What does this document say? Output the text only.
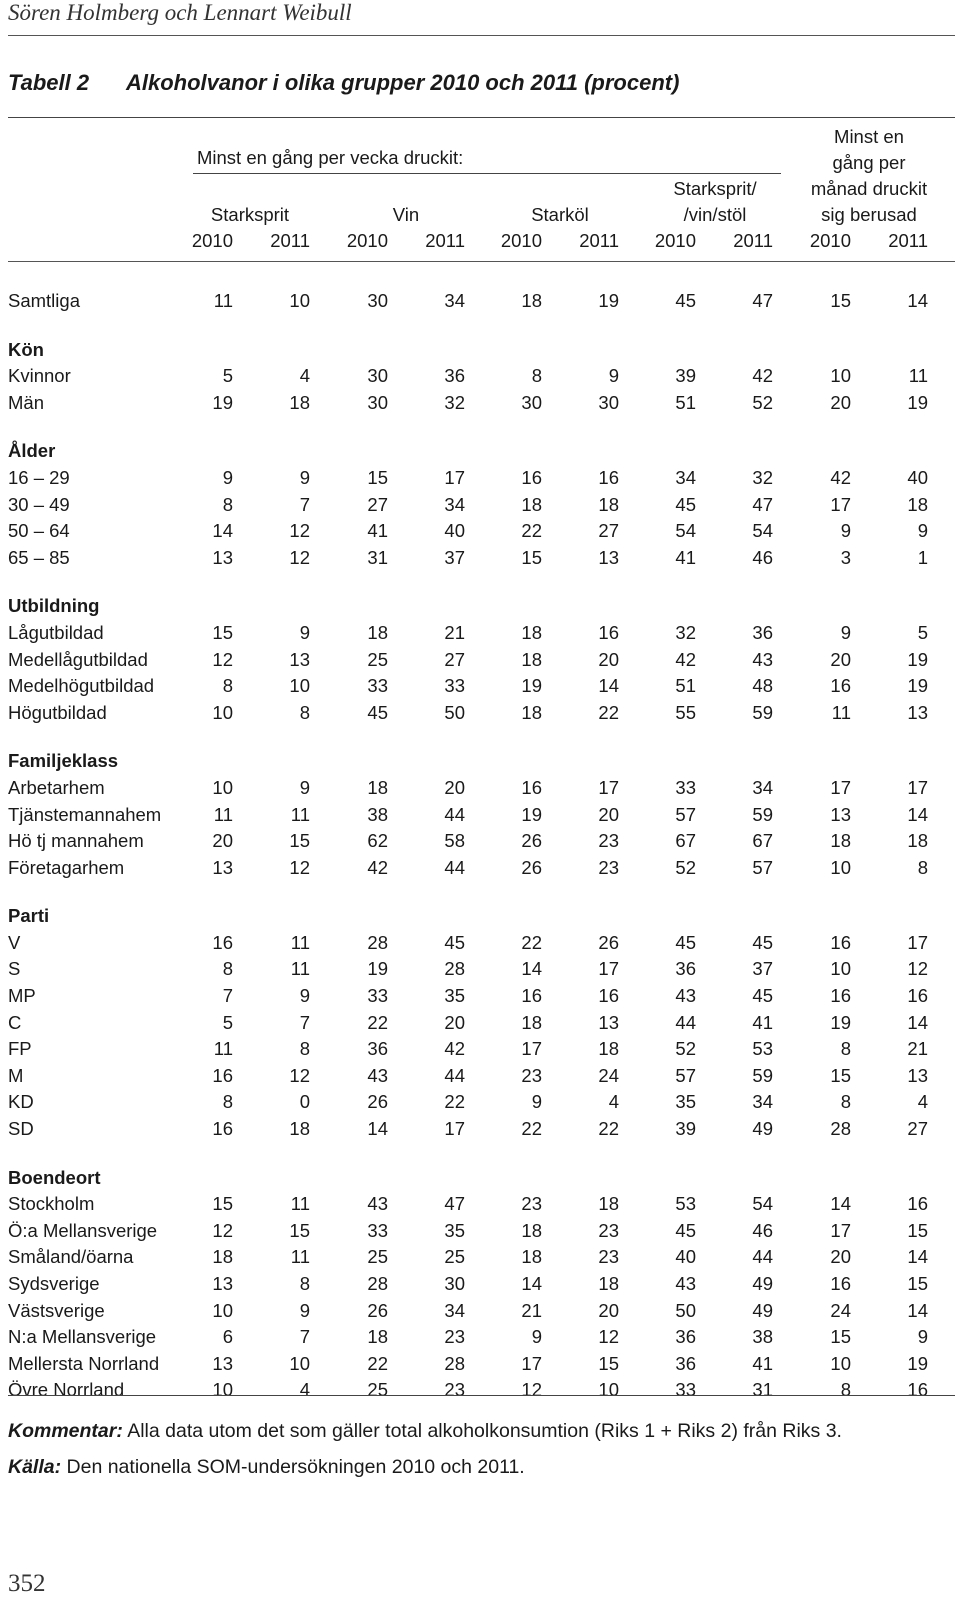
Sören Holmberg och Lennart Weibull
Tabell 2 Alkoholvanor i olika grupper 2010 och 2011 (procent)
Minst en gång per vecka druckit:
Minst en
gång per
månad druckit
sig berusad
Starksprit/
/vin/stöl
Starksprit	Vin	Starköl
2010	2011	2010	2011	2010	2011	2010	2011	2010	2011
Samtliga	11	10	30	34	18	19	45	47	15	14
Kön										
Kvinnor	5	4	30	36	8	9	39	42	10	11
Män	19	18	30	32	30	30	51	52	20	19
Ålder										
16 – 29	9	9	15	17	16	16	34	32	42	40
30 – 49	8	7	27	34	18	18	45	47	17	18
50 – 64	14	12	41	40	22	27	54	54	9	9
65 – 85	13	12	31	37	15	13	41	46	3	1
Utbildning										
Lågutbildad	15	9	18	21	18	16	32	36	9	5
Medellågutbildad	12	13	25	27	18	20	42	43	20	19
Medelhögutbildad	8	10	33	33	19	14	51	48	16	19
Högutbildad	10	8	45	50	18	22	55	59	11	13
Familjeklass										
Arbetarhem	10	9	18	20	16	17	33	34	17	17
Tjänstemannahem	11	11	38	44	19	20	57	59	13	14
Hö tj mannahem	20	15	62	58	26	23	67	67	18	18
Företagarhem	13	12	42	44	26	23	52	57	10	8
Parti										
V	16	11	28	45	22	26	45	45	16	17
S	8	11	19	28	14	17	36	37	10	12
MP	7	9	33	35	16	16	43	45	16	16
C	5	7	22	20	18	13	44	41	19	14
FP	11	8	36	42	17	18	52	53	8	21
M	16	12	43	44	23	24	57	59	15	13
KD	8	0	26	22	9	4	35	34	8	4
SD	16	18	14	17	22	22	39	49	28	27
Boendeort										
Stockholm	15	11	43	47	23	18	53	54	14	16
Ö:a Mellansverige	12	15	33	35	18	23	45	46	17	15
Småland/öarna	18	11	25	25	18	23	40	44	20	14
Sydsverige	13	8	28	30	14	18	43	49	16	15
Västsverige	10	9	26	34	21	20	50	49	24	14
N:a Mellansverige	6	7	18	23	9	12	36	38	15	9
Mellersta Norrland	13	10	22	28	17	15	36	41	10	19
Övre Norrland	10	4	25	23	12	10	33	31	8	16
Kommentar: Alla data utom det som gäller total alkoholkonsumtion (Riks 1 + Riks 2) från Riks 3.
Källa: Den nationella SOM-undersökningen 2010 och 2011.
352
